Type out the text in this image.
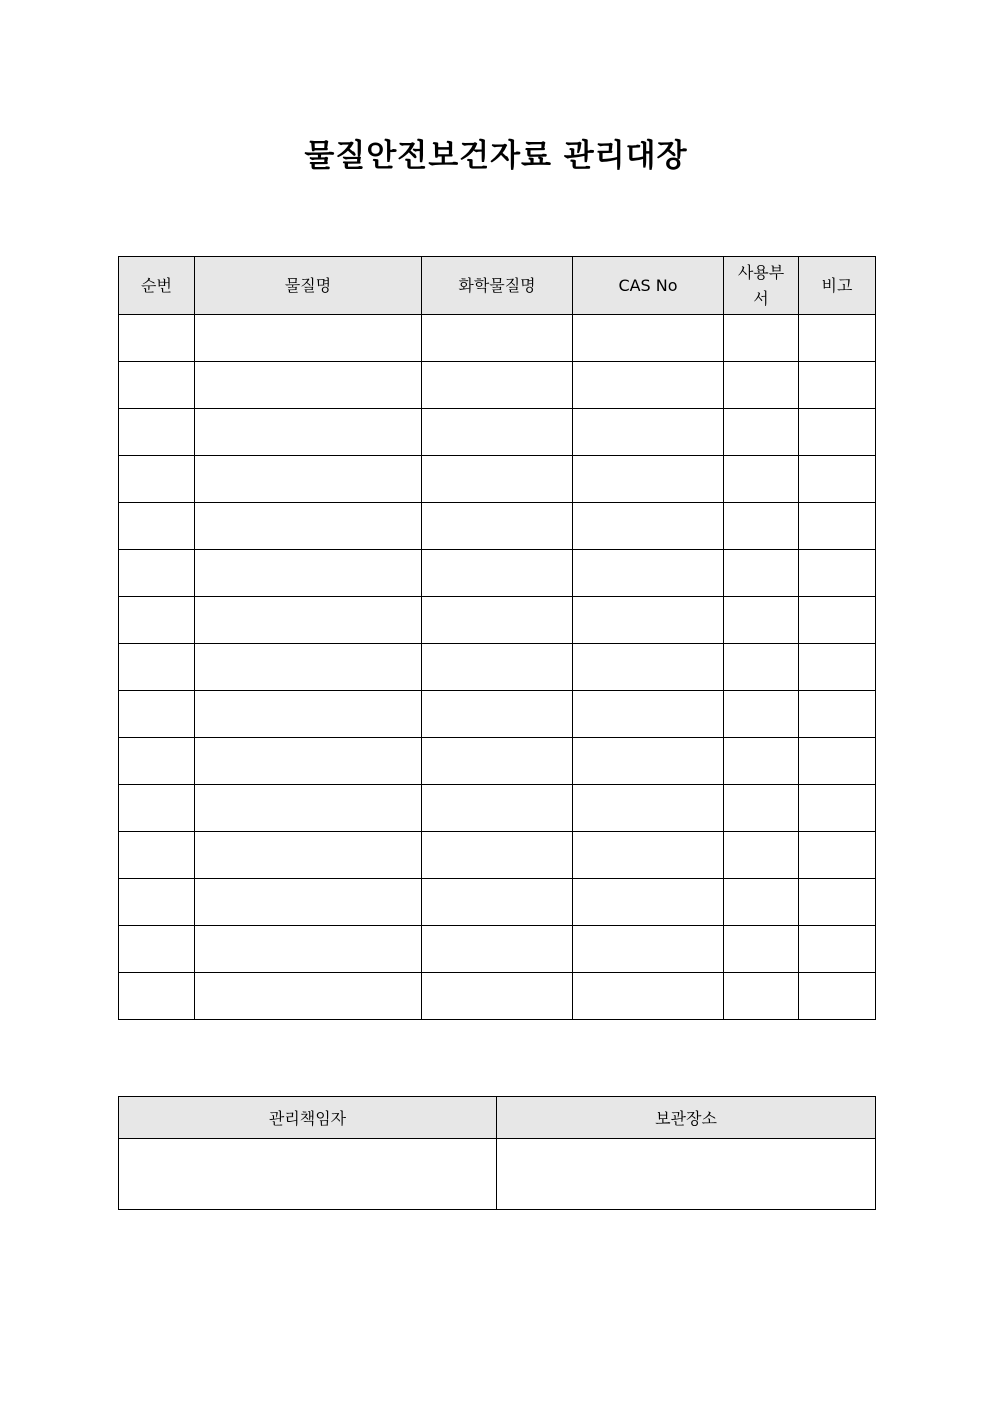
물질안전보건자료 관리대장
순번	물질명	화학물질명	CAS No	사용부서	비고

관리책임자	보관장소
